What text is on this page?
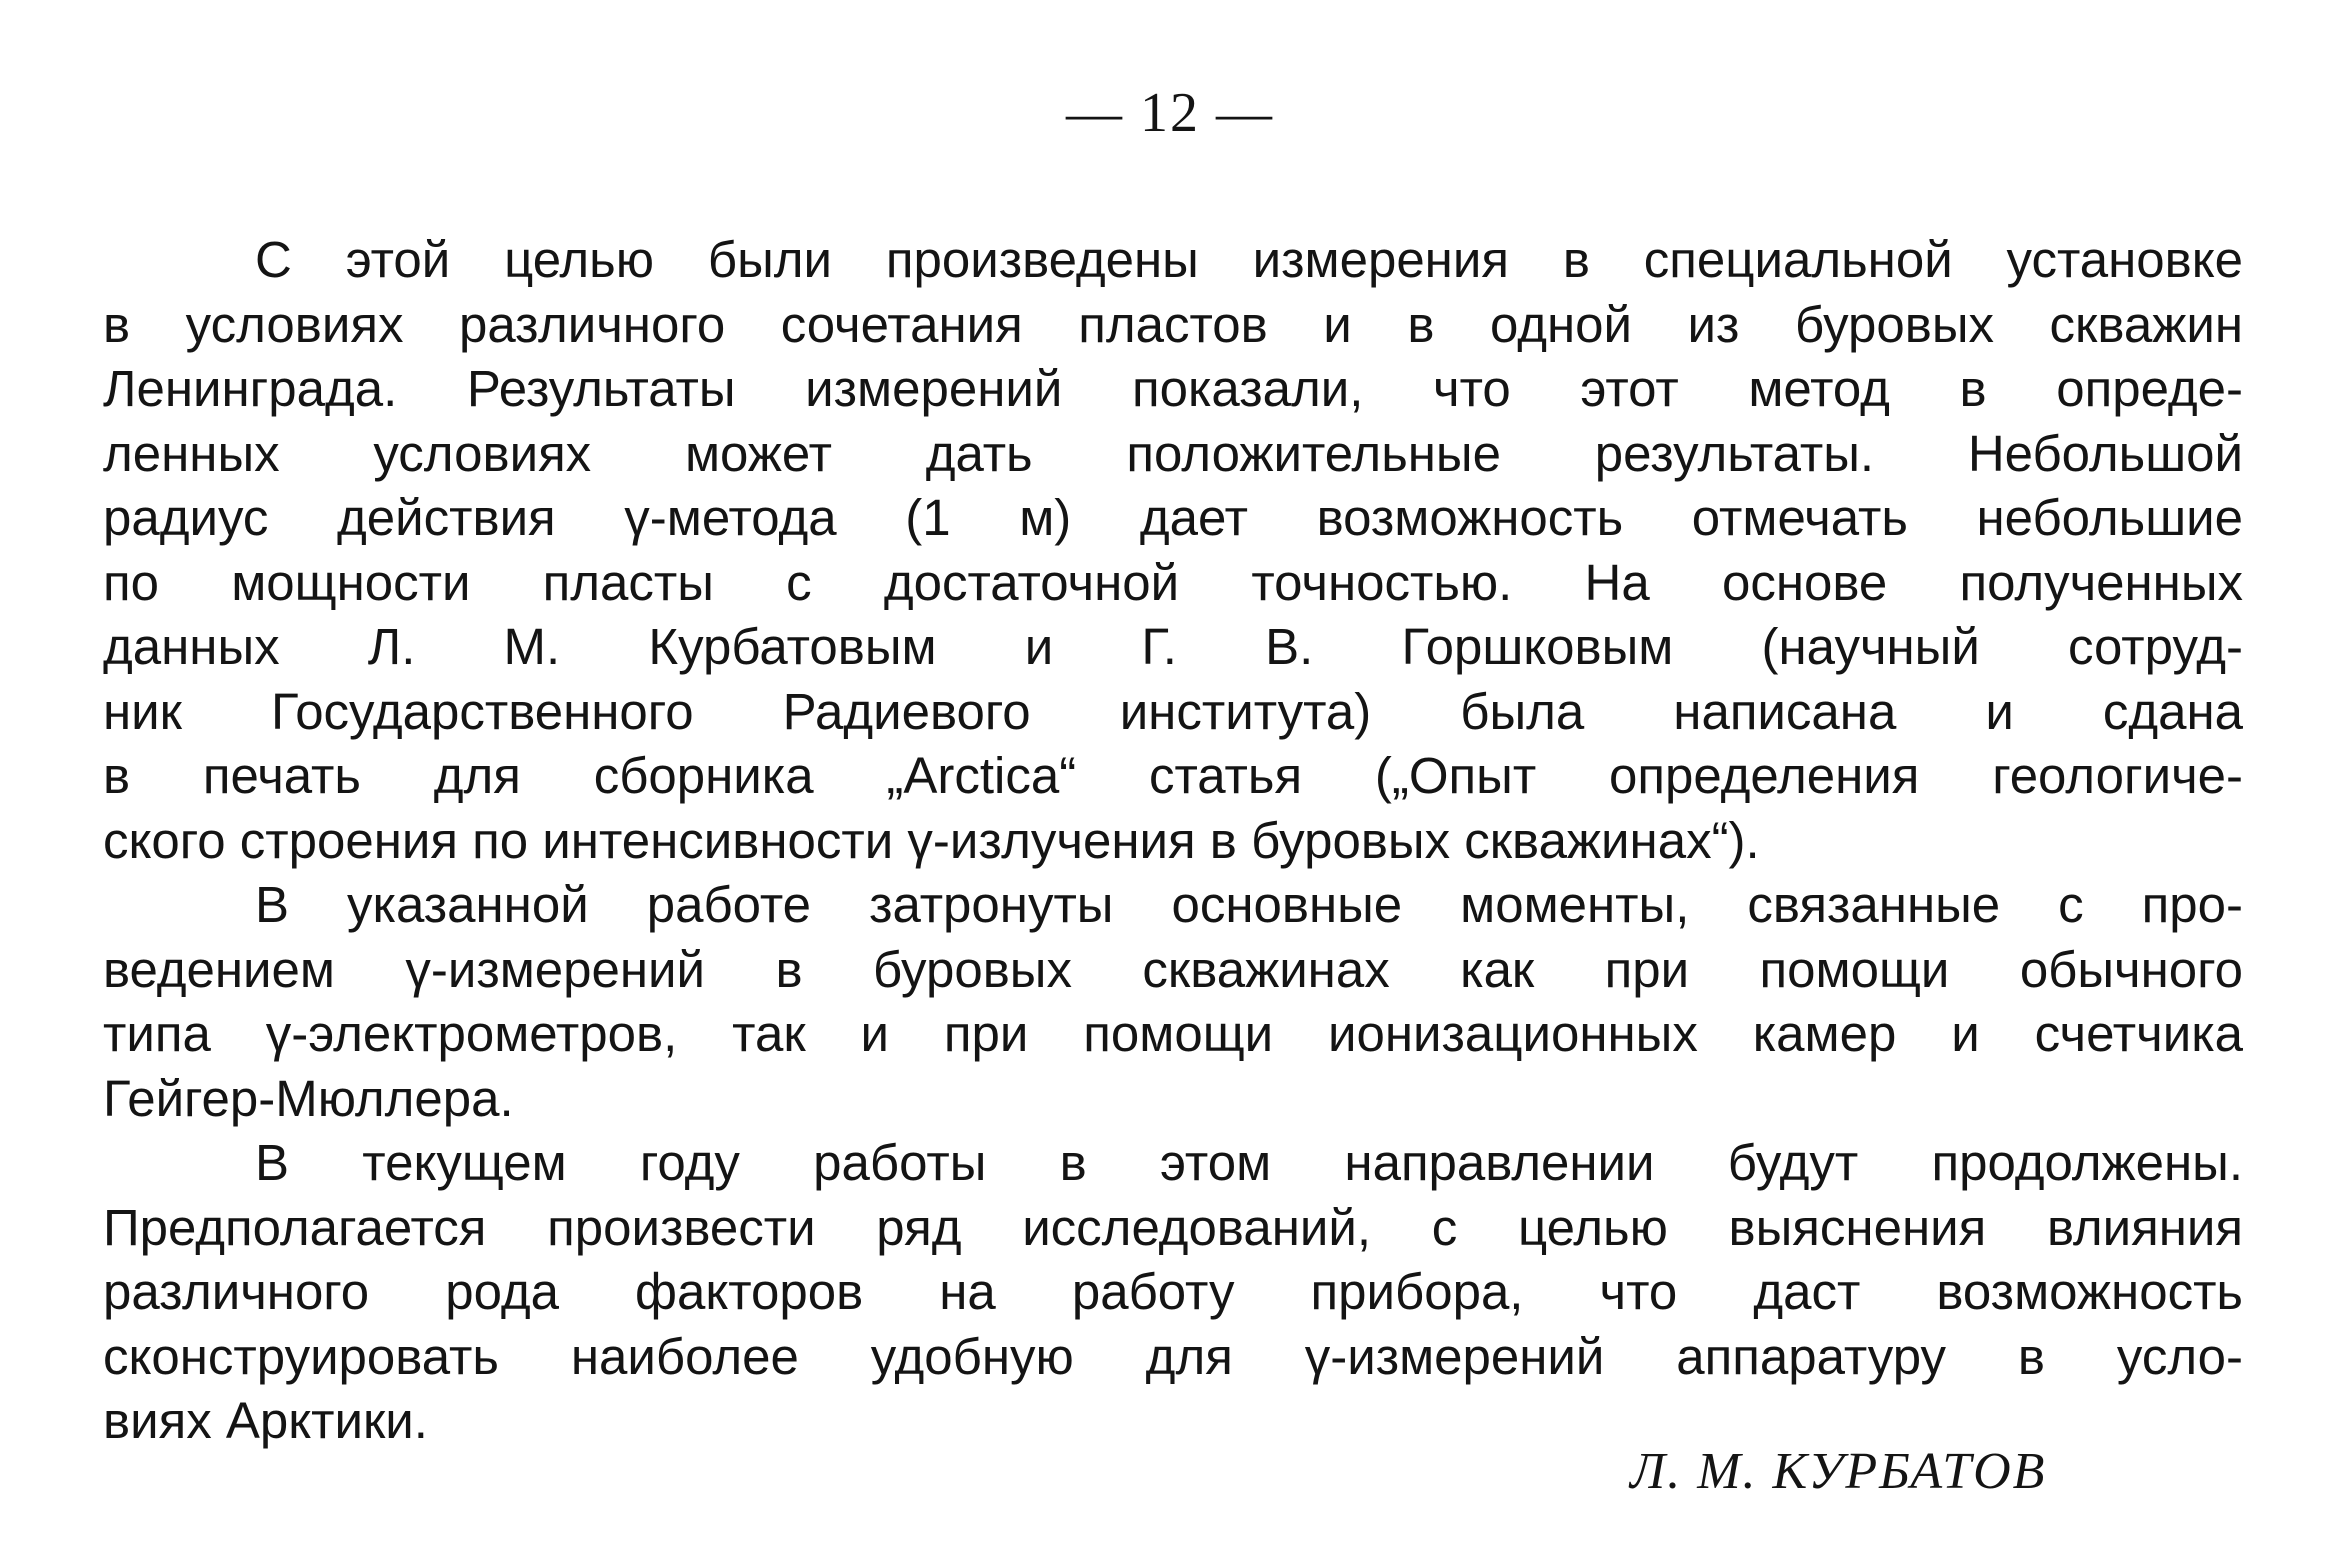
— 12 —
С этой целью были произведены измерения в специальной установке
в условиях различного сочетания пластов и в одной из буровых скважин
Ленинграда. Результаты измерений показали, что этот метод в опреде-
ленных условиях может дать положительные результаты. Небольшой
радиус действия γ-метода (1 м) дает возможность отмечать небольшие
по мощности пласты с достаточной точностью. На основе полученных
данных Л. М. Курбатовым и Г. В. Горшковым (научный сотруд-
ник Государственного Радиевого института) была написана и сдана
в печать для сборника „Arctica“ статья („Опыт определения геологиче-
ского строения по интенсивности γ-излучения в буровых скважинах“).
В указанной работе затронуты основные моменты, связанные с про-
ведением γ-измерений в буровых скважинах как при помощи обычного
типа γ-электрометров, так и при помощи ионизационных камер и счетчика
Гейгер-Мюллера.
В текущем году работы в этом направлении будут продолжены.
Предполагается произвести ряд исследований, с целью выяснения влияния
различного рода факторов на работу прибора, что даст возможность
сконструировать наиболее удобную для γ-измерений аппаратуру в усло-
виях Арктики.
Л. М. КУРБАТОВ
